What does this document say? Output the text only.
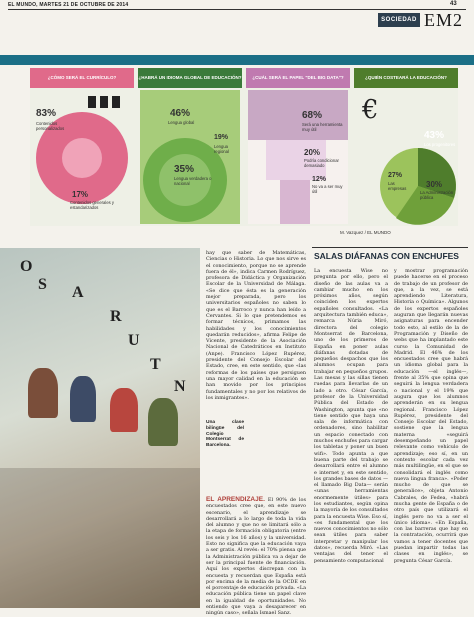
EL MUNDO, MARTES 21 DE OCTUBRE DE 2014	43
SOCIEDAD EM2
¿CÓMO SERÁ EL CURRÍCULO?
83%
Contenidos personalizados
17%
Contenidos generales y estandarizados
¿HABRÁ UN IDIOMA GLOBAL DE EDUCACIÓN?
46%
Lengua global
19%
Lengua regional
35%
Lengua verdadera o nacional
¿CUÁL SERÁ EL PAPEL "DEL BIG DATA"?
68%
Será una herramienta muy útil
20%
Podría condicionar demasiado
12%
No va a ser muy útil
¿QUIÉN COSTEARÁ LA EDUCACIÓN?
€
43%
Los progenitores
27%
Las empresas	30%
La Administración pública
M. Vazquez / EL MUNDO
O
S A
R
U
T
N
hay que saber de Matemáticas, Ciencias o Historia. Lo que nos sirve es el conocimiento, porque no se aprende fuera de él», indica Carmen Rodríguez, profesora de Didáctica y Organización Escolar de la Universidad de Málaga. «Se dice que ésta es la generación mejor preparada, pero los universitarios españoles no saben lo que es el Barroco y nunca han leído a Cervantes. Si lo que pretendemos es formar técnicos, primamos las habilidades y los conocimientos quedarán reducidos», afirma Felipe de Vicente, presidente de la Asociación Nacional de Catedráticos en Instituto (Anpe). Francisco López Rupérez, presidente del Consejo Escolar del Estado, cree, en este sentido, que «las reformas de los países que persiguen una mayor calidad en la educación se han movido por los principios fundamentales y no por los relativos de los inmigrantes».
Una clase bilingüe del Colegio Montserrat de Barcelona.
EL APRENDIZAJE. El 90% de los encuestados cree que, en este nuevo escenario, el aprendizaje se desarrollará a lo largo de toda la vida del alumno y que no se limitará sólo a la etapa de formación obligatoria (entre los seis y los 16 años) y la universidad. Esto no significa que la educación vaya a ser gratis. Al revés: el 70% piensa que la Administración pública va a dejar de ser la principal fuente de financiación. Aquí los expertos discrepan con la encuesta y recuerdan que España está por encima de la media de la OCDE en el porcentaje de educación privada. «La educación pública tiene un papel clave en la igualdad de oportunidades. No entiendo que vaya a desaparecer en ningún caso», señala Ismael Sanz.
SALAS DIÁFANAS CON ENCHUFES
La encuesta Wise no pregunta por ello, pero el diseño de las aulas va a cambiar mucho en los próximos años, según coinciden los expertos españoles consultados. «La arquitectura también educa», remarca Núria Miró, directora del colegio Montserrat de Barcelona, uno de los primeros de España en poner aulas diáfanas dotadas de pequeños despachos que los alumnos ocupan para trabajar en pequeños grupos. Las mesas y las sillas tienen ruedas para llevarlas de un lado a otro. César García, profesor de la Universidad Pública del Estado de Washington, apunta que «no tiene sentido que haya una sala de informática con ordenadores, sino habilitar un espacio conectado con muchos enchufes para cargar los tabletas y poner un buen wifi». Todo apunta a que buena parte del trabajo se desarrollará entre el alumno e internet y, en este sentido, los grandes bases de datos —el llamado Big Data— serán «unas herramientas enormemente útiles» para los estudiantes, según opina la mayoría de los consultados para la encuesta Wise. Eso sí, «es fundamental que los nuevos conocimientos no sólo sean útiles para saber interpretar y manipular los datos», recuerda Miró. «Las ventajas del tener el pensamiento computacional
y mostrar programación puede hacerse en el proceso de trabajo de un profesor de que, a la vez, se está aprendiendo Literatura, Historia o Química». Algunos de los expertos españoles auguran que llegarán nuevas asignaturas para encender todo esto, al estilo de la de Programación y Diseño de webs que ha implantado este curso la Comunidad de Madrid. El 46% de los encuestados cree que habrá un idioma global para la educación —el inglés—, frente al 35% que opina que seguirá la lengua verdadera o nacional y el 19% que augura que los alumnos aprenderán en su lengua regional. Francisco López Rupérez, presidente del Consejo Escolar del Estado, sostiene que la lengua materna «seguirá desempeñando un papel relevante como vehículo de aprendizaje; eso sí, en un contexto escolar cada vez más multilingüe, en el que se consolidará el inglés como nueva lingua franca». «Poder mucho de que se generalice», objeta Antonio Cabrales, de Fedea, «habrá mucha gente de España o de otro país que utilizará el inglés pero no va a ser el único idioma». «En España, con las barreras que hay en la contratación, ocurrirá que vamos a tener docentes que puedan impartir todas las clases en inglés», se pregunta César García.
